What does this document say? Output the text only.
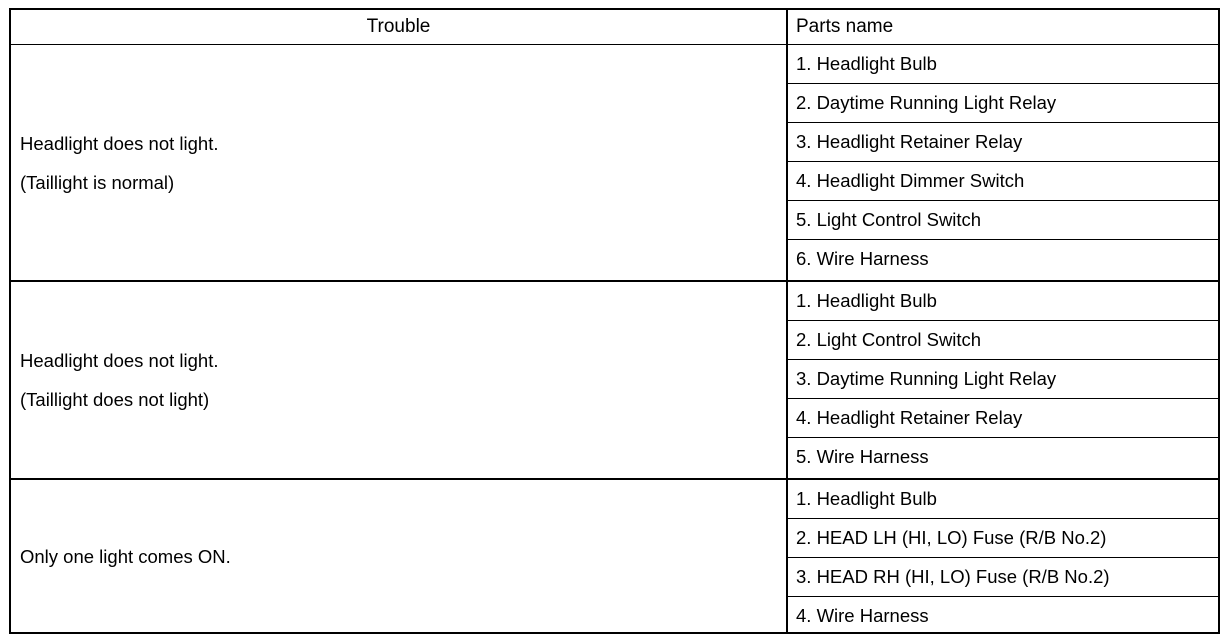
Trouble	Parts name
Headlight does not light.
(Taillight is normal)
1. Headlight Bulb
2. Daytime Running Light Relay
3. Headlight Retainer Relay
4. Headlight Dimmer Switch
5. Light Control Switch
6. Wire Harness
Headlight does not light.
(Taillight does not light)
1. Headlight Bulb
2. Light Control Switch
3. Daytime Running Light Relay
4. Headlight Retainer Relay
5. Wire Harness
Only one light comes ON.
1. Headlight Bulb
2. HEAD LH (HI, LO) Fuse (R/B No.2)
3. HEAD RH (HI, LO) Fuse (R/B No.2)
4. Wire Harness
